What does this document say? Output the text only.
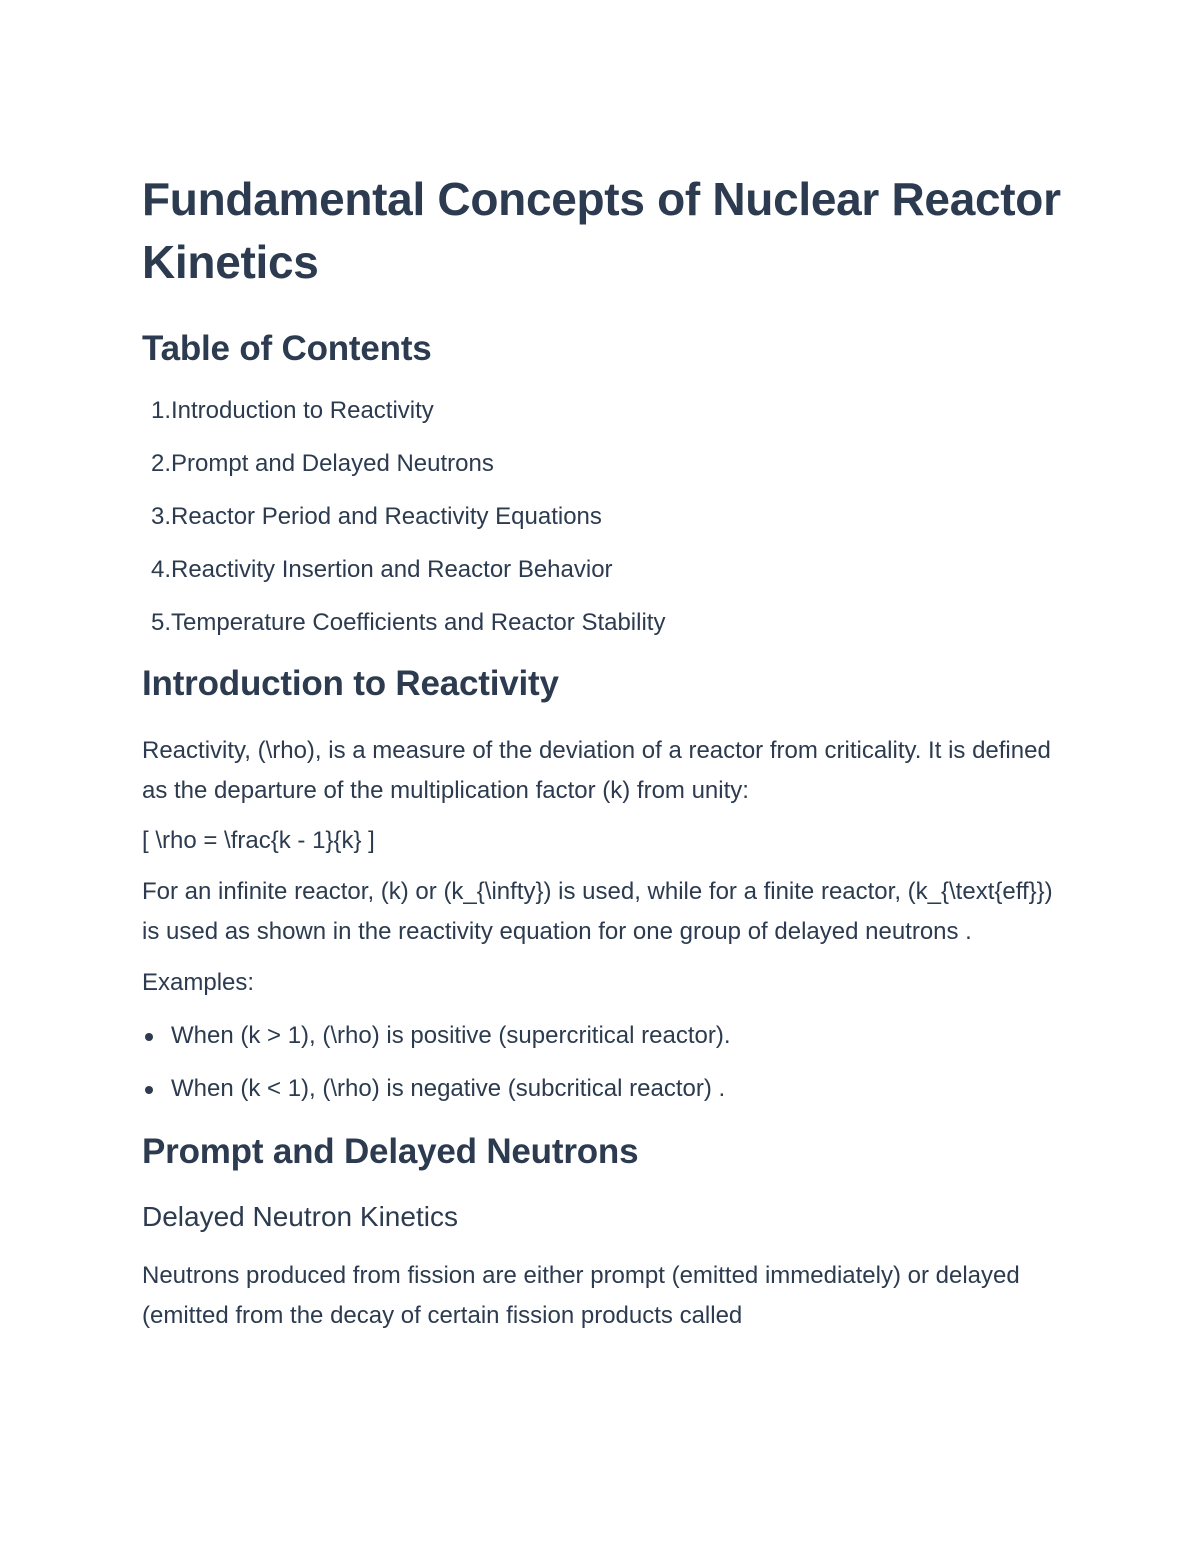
Fundamental Concepts of Nuclear Reactor Kinetics
Table of Contents
1. Introduction to Reactivity
2. Prompt and Delayed Neutrons
3. Reactor Period and Reactivity Equations
4. Reactivity Insertion and Reactor Behavior
5. Temperature Coefficients and Reactor Stability
Introduction to Reactivity

Reactivity, (\rho), is a measure of the deviation of a reactor from criticality. It is defined as the departure of the multiplication factor (k) from unity:

[ \rho = \frac{k - 1}{k} ]

For an infinite reactor, (k) or (k_{\infty}) is used, while for a finite reactor, (k_{\text{eff}}) is used as shown in the reactivity equation for one group of delayed neutrons .

Examples:

When (k > 1), (\rho) is positive (supercritical reactor).
When (k < 1), (\rho) is negative (subcritical reactor) .
Prompt and Delayed Neutrons
Delayed Neutron Kinetics

Neutrons produced from fission are either prompt (emitted immediately) or delayed (emitted from the decay of certain fission products called
